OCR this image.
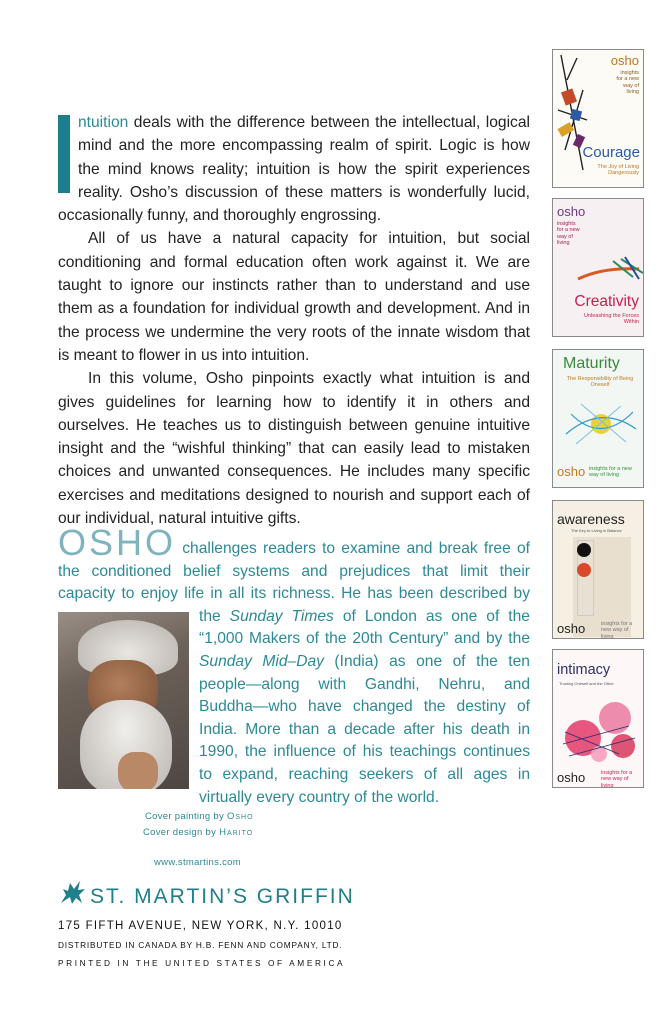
ntuition deals with the difference between the intellectual, logical mind and the more encompassing realm of spirit. Logic is how the mind knows reality; intuition is how the spirit experiences reality. Osho’s discussion of these matters is wonderfully lucid, occasionally funny, and thoroughly engrossing.

All of us have a natural capacity for intuition, but social conditioning and formal education often work against it. We are taught to ignore our instincts rather than to understand and use them as a foundation for individual growth and development. And in the process we undermine the very roots of the innate wisdom that is meant to flower in us into intuition.

In this volume, Osho pinpoints exactly what intuition is and gives guidelines for learning how to identify it in others and ourselves. He teaches us to distinguish between genuine intuitive insight and the “wishful thinking” that can easily lead to mistaken choices and unwanted consequences. He includes many specific exercises and meditations designed to nourish and support each of our individual, natural intuitive gifts.

OSHO challenges readers to examine and break free of the conditioned belief systems and prejudices that limit their capacity to enjoy life in all its richness. He has been described by the
Sunday Times of London as one of the “1,000 Makers of the 20th Century” and by the Sunday Mid–Day (India) as one of the ten people—along with Gandhi, Nehru, and Buddha—who have changed the destiny of India. More than a decade after his death in 1990, the influence of his teachings continues to expand, reaching seekers of all ages in virtually every country of the world.
Cover painting by Osho
Cover design by Harito
www.stmartins.com
ST. MARTIN’S GRIFFIN
175 FIFTH AVENUE, NEW YORK, N.Y. 10010
DISTRIBUTED IN CANADA BY H.B. FENN AND COMPANY, LTD.
PRINTED IN THE UNITED STATES OF AMERICA
osho
insights for a new way of living
Courage
The Joy of Living Dangerously
osho
insights for a new way of living
Creativity
Unleashing the Forces Within
Maturity
The Responsibility of Being Oneself
osho insights for a new way of living
awareness
The Key to Living in Balance
osho	insights for a new way of living
intimacy
Trusting Oneself and the Other
osho	insights for a new way of living
